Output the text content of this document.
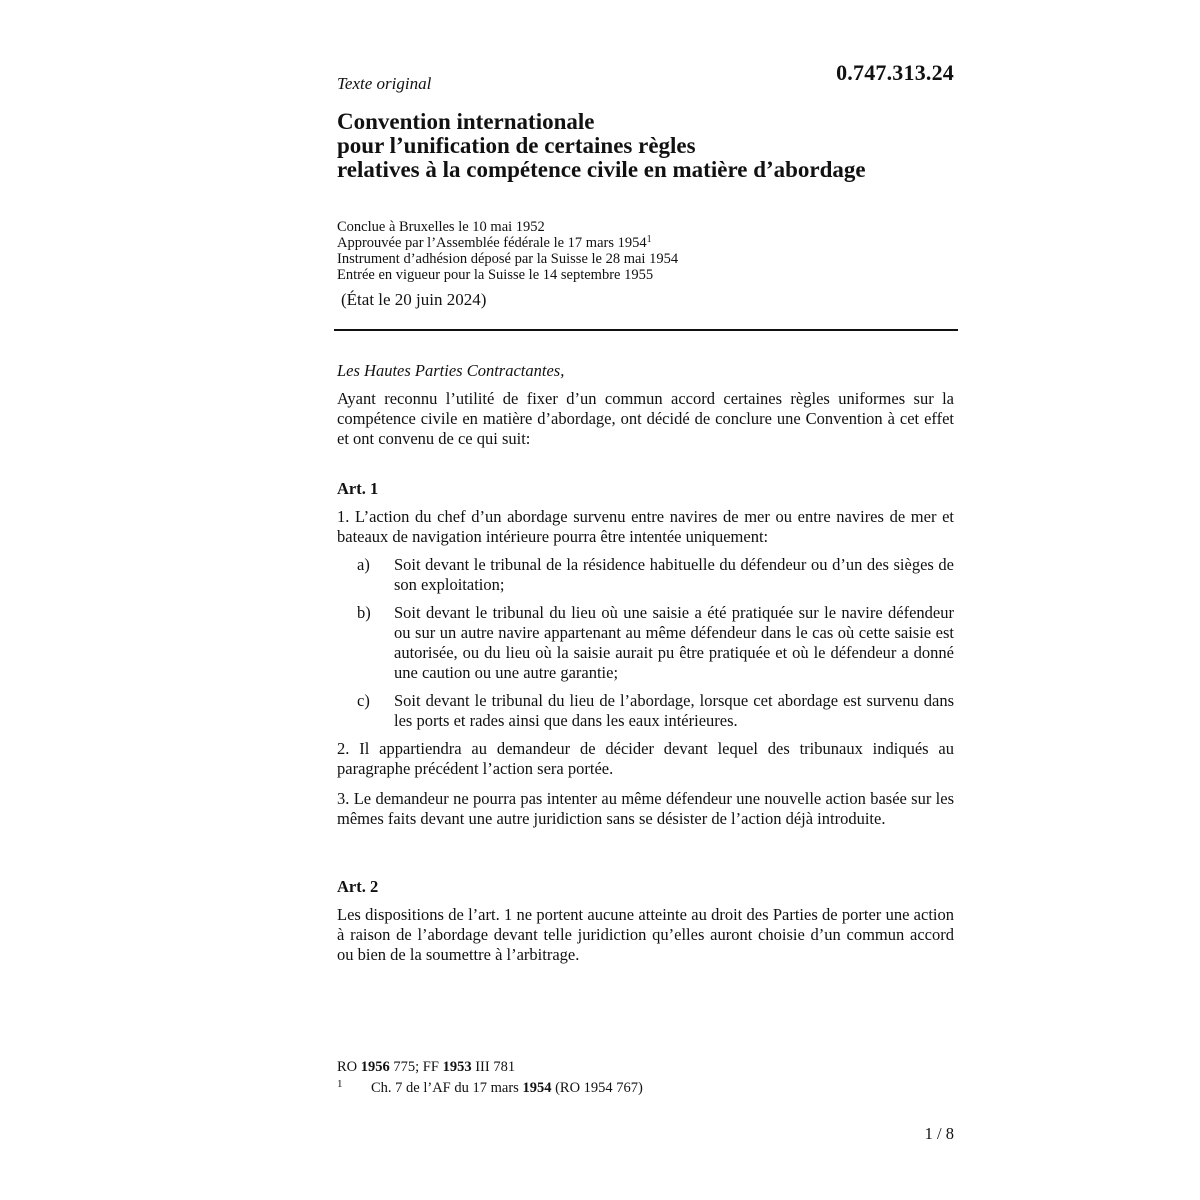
0.747.313.24
Texte original
Convention internationale
pour l’unification de certaines règles
relatives à la compétence civile en matière d’abordage
Conclue à Bruxelles le 10 mai 1952
Approuvée par l’Assemblée fédérale le 17 mars 1954$^1$
Instrument d’adhésion déposé par la Suisse le 28 mai 1954
Entrée en vigueur pour la Suisse le 14 septembre 1955
(État le 20 juin 2024)
Les Hautes Parties Contractantes,
Ayant reconnu l’utilité de fixer d’un commun accord certaines règles uniformes sur la compétence civile en matière d’abordage, ont décidé de conclure une Convention à cet effet et ont convenu de ce qui suit:
Art. 1
1. L’action du chef d’un abordage survenu entre navires de mer ou entre navires de mer et bateaux de navigation intérieure pourra être intentée uniquement:
a)	Soit devant le tribunal de la résidence habituelle du défendeur ou d’un des sièges de son exploitation;
b)	Soit devant le tribunal du lieu où une saisie a été pratiquée sur le navire défendeur ou sur un autre navire appartenant au même défendeur dans le cas où cette saisie est autorisée, ou du lieu où la saisie aurait pu être pratiquée et où le défendeur a donné une caution ou une autre garantie;
c)	Soit devant le tribunal du lieu de l’abordage, lorsque cet abordage est survenu dans les ports et rades ainsi que dans les eaux intérieures.
2. Il appartiendra au demandeur de décider devant lequel des tribunaux indiqués au paragraphe précédent l’action sera portée.
3. Le demandeur ne pourra pas intenter au même défendeur une nouvelle action basée sur les mêmes faits devant une autre juridiction sans se désister de l’action déjà introduite.
Art. 2
Les dispositions de l’art. 1 ne portent aucune atteinte au droit des Parties de porter une action à raison de l’abordage devant telle juridiction qu’elles auront choisie d’un commun accord ou bien de la soumettre à l’arbitrage.
RO 1956 775; FF 1953 III 781
1 Ch. 7 de l’AF du 17 mars 1954 (RO 1954 767)
1 / 8
